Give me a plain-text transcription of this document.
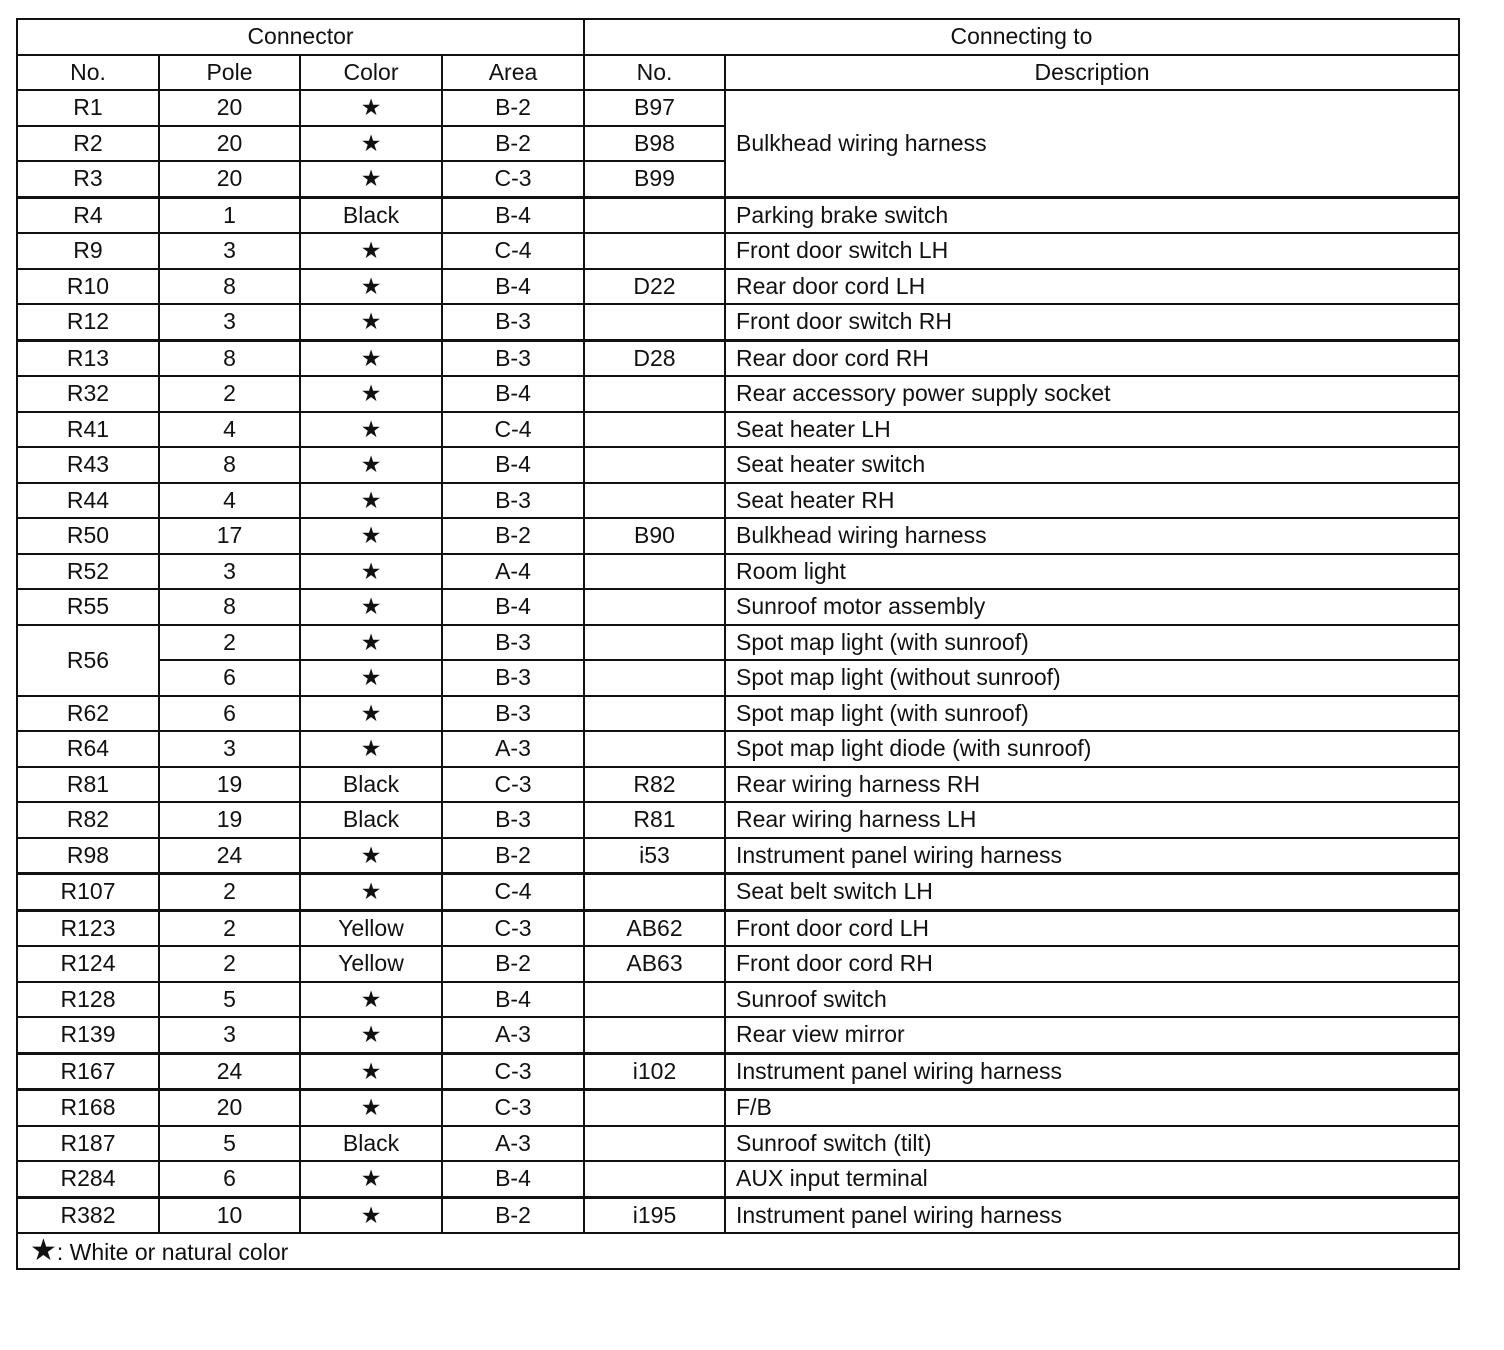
Connector				Connecting to	
No.	Pole	Color	Area	No.	Description
R1	20	★	B-2	B97	Bulkhead wiring harness
R2	20	★	B-2	B98	
R3	20	★	C-3	B99	
R4	1	Black	B-4		Parking brake switch
R9	3	★	C-4		Front door switch LH
R10	8	★	B-4	D22	Rear door cord LH
R12	3	★	B-3		Front door switch RH
R13	8	★	B-3	D28	Rear door cord RH
R32	2	★	B-4		Rear accessory power supply socket
R41	4	★	C-4		Seat heater LH
R43	8	★	B-4		Seat heater switch
R44	4	★	B-3		Seat heater RH
R50	17	★	B-2	B90	Bulkhead wiring harness
R52	3	★	A-4		Room light
R55	8	★	B-4		Sunroof motor assembly
R56	2	★	B-3		Spot map light (with sunroof)
	6	★	B-3		Spot map light (without sunroof)
R62	6	★	B-3		Spot map light (with sunroof)
R64	3	★	A-3		Spot map light diode (with sunroof)
R81	19	Black	C-3	R82	Rear wiring harness RH
R82	19	Black	B-3	R81	Rear wiring harness LH
R98	24	★	B-2	i53	Instrument panel wiring harness
R107	2	★	C-4		Seat belt switch LH
R123	2	Yellow	C-3	AB62	Front door cord LH
R124	2	Yellow	B-2	AB63	Front door cord RH
R128	5	★	B-4		Sunroof switch
R139	3	★	A-3		Rear view mirror
R167	24	★	C-3	i102	Instrument panel wiring harness
R168	20	★	C-3		F/B
R187	5	Black	A-3		Sunroof switch (tilt)
R284	6	★	B-4		AUX input terminal
R382	10	★	B-2	i195	Instrument panel wiring harness
★: White or natural color					
